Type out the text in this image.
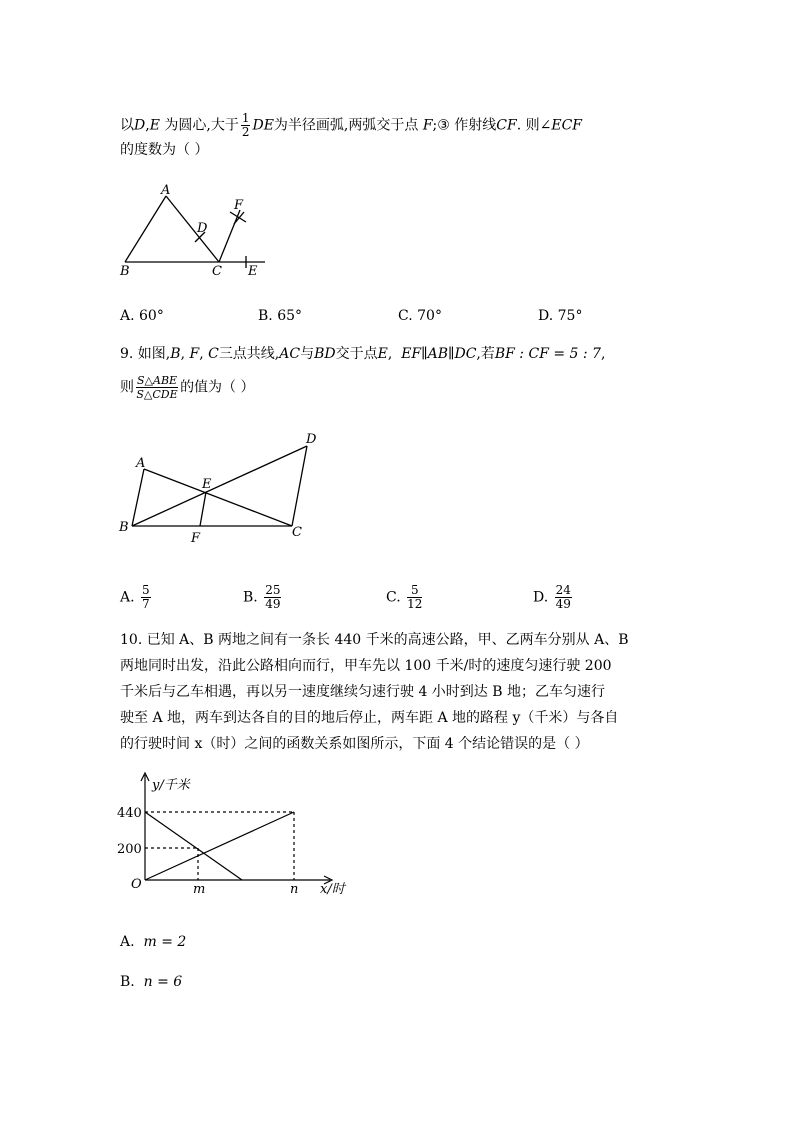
以D,E 为圆心,大于 $\frac{1}{2}$ DE为半径画弧,两弧交于点 F;③ 作射线CF. 则∠ECF
的度数为（ ）
A
D
F
B	C E
A. 60°	B. 65°	C. 70°	D. 75°
9. 如图,B, F, C三点共线,AC与BD交于点E,  EF∥AB∥DC,若BF : CF = 5 : 7,
则 $\frac{\text{S△ABE}}{\text{S△CDE}}$ 的值为（ ）
A
D
E
B
F	C
A. $\frac{5}{7}$	B. $\frac{25}{49}$	C. $\frac{5}{12}$	D. $\frac{24}{49}$
10. 已知 A、B 两地之间有一条长 440 千米的高速公路，甲、乙两车分别从 A、B
两地同时出发，沿此公路相向而行，甲车先以 100 千米/时的速度匀速行驶 200
千米后与乙车相遇，再以另一速度继续匀速行驶 4 小时到达 B 地；乙车匀速行
驶至 A 地，两车到达各自的目的地后停止，两车距 A 地的路程 y（千米）与各自
的行驶时间 x（时）之间的函数关系如图所示，下面 4 个结论错误的是（ ）
y/千米
x/时
O
440
200
m	n
A. m = 2
B. n = 6
